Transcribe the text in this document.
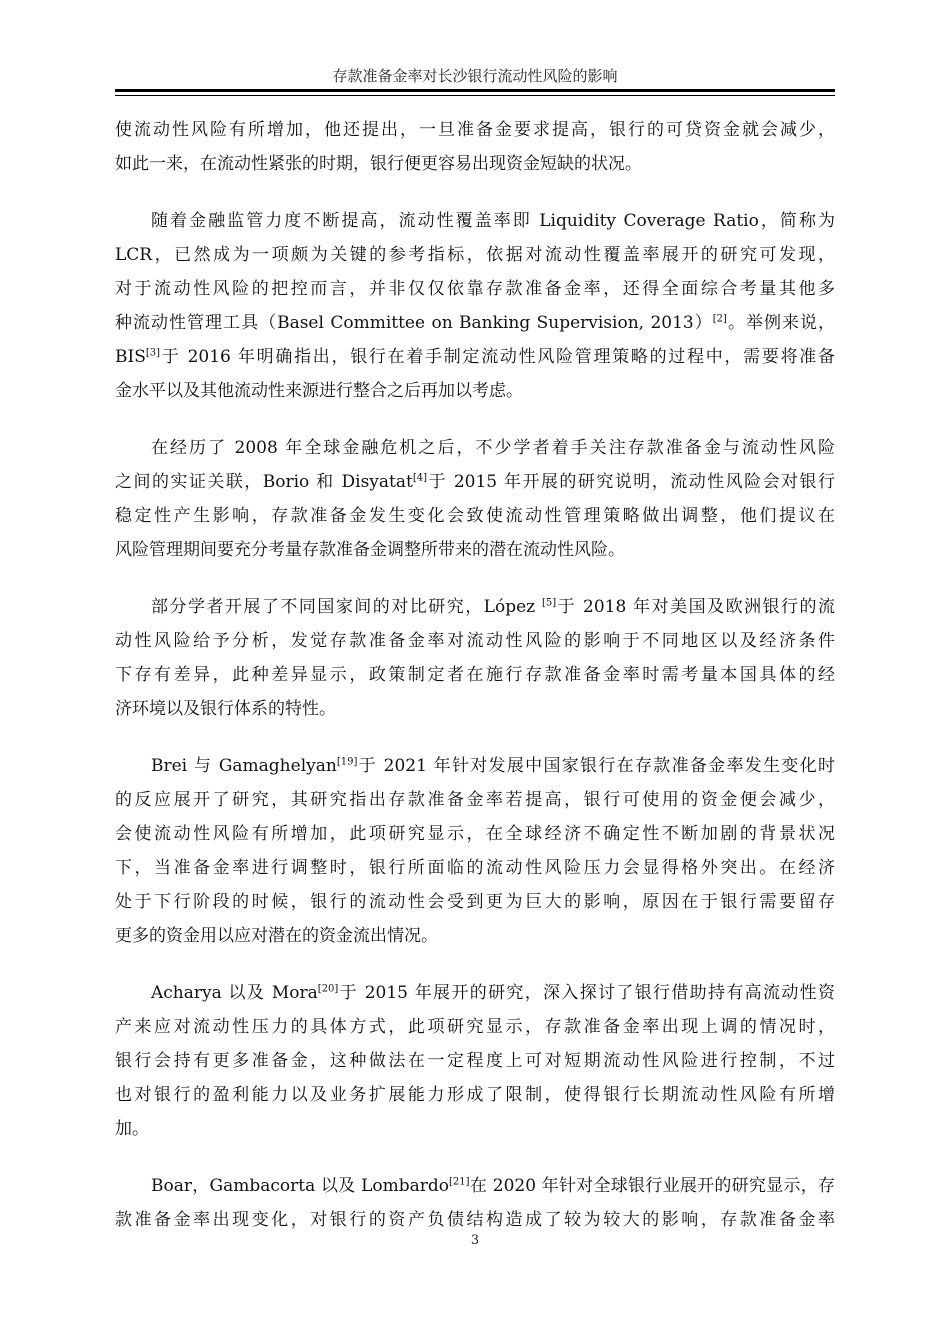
存款准备金率对长沙银行流动性风险的影响
使流动性风险有所增加，他还提出，一旦准备金要求提高，银行的可贷资金就会减少，
如此一来，在流动性紧张的时期，银行便更容易出现资金短缺的状况。
随着金融监管力度不断提高，流动性覆盖率即 Liquidity Coverage Ratio，简称为
LCR，已然成为一项颇为关键的参考指标，依据对流动性覆盖率展开的研究可发现，
对于流动性风险的把控而言，并非仅仅依靠存款准备金率，还得全面综合考量其他多
种流动性管理工具（Basel Committee on Banking Supervision, 2013）[2]。举例来说，
BIS[3]于 2016 年明确指出，银行在着手制定流动性风险管理策略的过程中，需要将准备
金水平以及其他流动性来源进行整合之后再加以考虑。
在经历了 2008 年全球金融危机之后，不少学者着手关注存款准备金与流动性风险
之间的实证关联，Borio 和 Disyatat[4]于 2015 年开展的研究说明，流动性风险会对银行
稳定性产生影响，存款准备金发生变化会致使流动性管理策略做出调整，他们提议在
风险管理期间要充分考量存款准备金调整所带来的潜在流动性风险。
部分学者开展了不同国家间的对比研究，López [5]于 2018 年对美国及欧洲银行的流
动性风险给予分析，发觉存款准备金率对流动性风险的影响于不同地区以及经济条件
下存有差异，此种差异显示，政策制定者在施行存款准备金率时需考量本国具体的经
济环境以及银行体系的特性。
Brei 与 Gamaghelyan[19]于 2021 年针对发展中国家银行在存款准备金率发生变化时
的反应展开了研究，其研究指出存款准备金率若提高，银行可使用的资金便会减少，
会使流动性风险有所增加，此项研究显示，在全球经济不确定性不断加剧的背景状况
下，当准备金率进行调整时，银行所面临的流动性风险压力会显得格外突出。在经济
处于下行阶段的时候，银行的流动性会受到更为巨大的影响，原因在于银行需要留存
更多的资金用以应对潜在的资金流出情况。
Acharya 以及 Mora[20]于 2015 年展开的研究，深入探讨了银行借助持有高流动性资
产来应对流动性压力的具体方式，此项研究显示，存款准备金率出现上调的情况时，
银行会持有更多准备金，这种做法在一定程度上可对短期流动性风险进行控制，不过
也对银行的盈利能力以及业务扩展能力形成了限制，使得银行长期流动性风险有所增
加。
Boar，Gambacorta 以及 Lombardo[21]在 2020 年针对全球银行业展开的研究显示，存
款准备金率出现变化，对银行的资产负债结构造成了较为较大的影响，存款准备金率
3
